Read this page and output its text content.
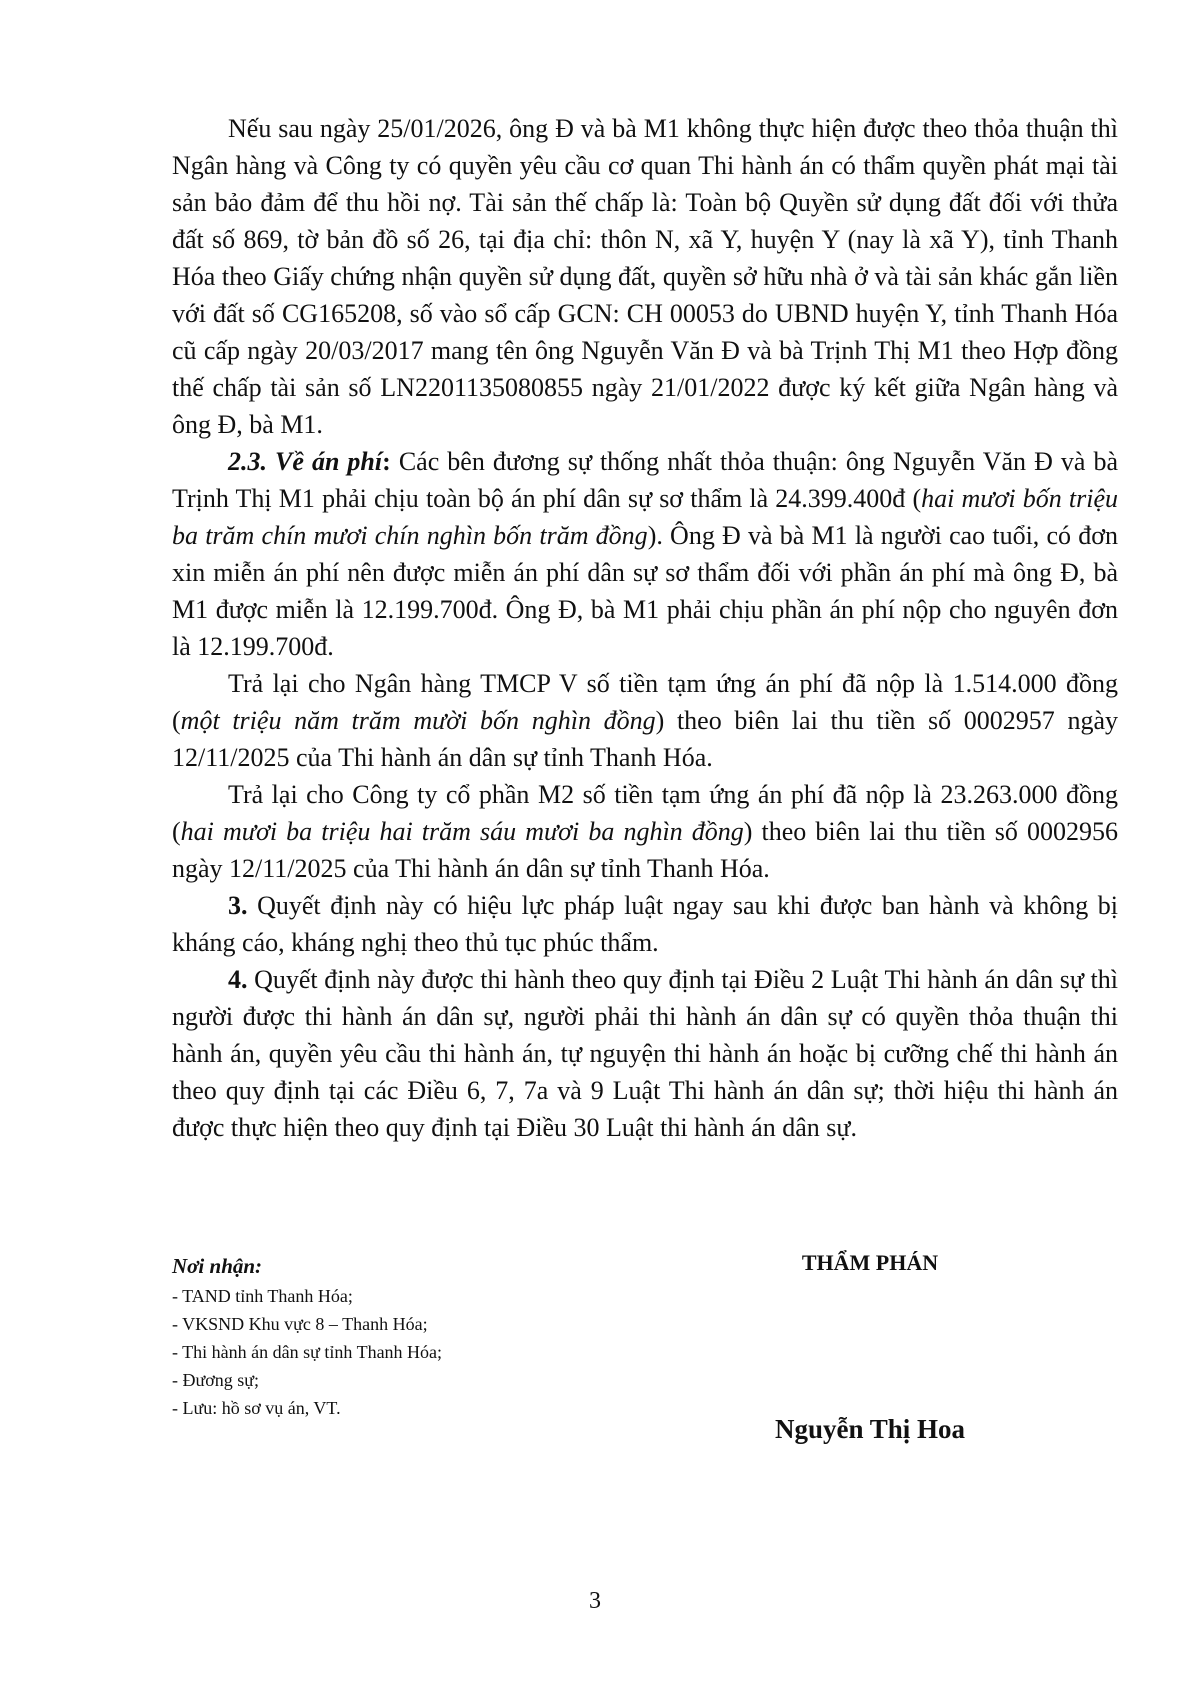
Nếu sau ngày 25/01/2026, ông Đ và bà M1 không thực hiện được theo thỏa thuận thì Ngân hàng và Công ty có quyền yêu cầu cơ quan Thi hành án có thẩm quyền phát mại tài sản bảo đảm để thu hồi nợ. Tài sản thế chấp là: Toàn bộ Quyền sử dụng đất đối với thửa đất số 869, tờ bản đồ số 26, tại địa chỉ: thôn N, xã Y, huyện Y (nay là xã Y), tỉnh Thanh Hóa theo Giấy chứng nhận quyền sử dụng đất, quyền sở hữu nhà ở và tài sản khác gắn liền với đất số CG165208, số vào sổ cấp GCN: CH 00053 do UBND huyện Y, tỉnh Thanh Hóa cũ cấp ngày 20/03/2017 mang tên ông Nguyễn Văn Đ và bà Trịnh Thị M1 theo Hợp đồng thế chấp tài sản số LN2201135080855 ngày 21/01/2022 được ký kết giữa Ngân hàng và ông Đ, bà M1.

2.3. Về án phí: Các bên đương sự thống nhất thỏa thuận: ông Nguyễn Văn Đ và bà Trịnh Thị M1 phải chịu toàn bộ án phí dân sự sơ thẩm là 24.399.400đ (hai mươi bốn triệu ba trăm chín mươi chín nghìn bốn trăm đồng). Ông Đ và bà M1 là người cao tuổi, có đơn xin miễn án phí nên được miễn án phí dân sự sơ thẩm đối với phần án phí mà ông Đ, bà M1 được miễn là 12.199.700đ. Ông Đ, bà M1 phải chịu phần án phí nộp cho nguyên đơn là 12.199.700đ.

Trả lại cho Ngân hàng TMCP V số tiền tạm ứng án phí đã nộp là 1.514.000 đồng (một triệu năm trăm mười bốn nghìn đồng) theo biên lai thu tiền số 0002957 ngày 12/11/2025 của Thi hành án dân sự tỉnh Thanh Hóa.

Trả lại cho Công ty cổ phần M2 số tiền tạm ứng án phí đã nộp là 23.263.000 đồng (hai mươi ba triệu hai trăm sáu mươi ba nghìn đồng) theo biên lai thu tiền số 0002956 ngày 12/11/2025 của Thi hành án dân sự tỉnh Thanh Hóa.

3. Quyết định này có hiệu lực pháp luật ngay sau khi được ban hành và không bị kháng cáo, kháng nghị theo thủ tục phúc thẩm.

4. Quyết định này được thi hành theo quy định tại Điều 2 Luật Thi hành án dân sự thì người được thi hành án dân sự, người phải thi hành án dân sự có quyền thỏa thuận thi hành án, quyền yêu cầu thi hành án, tự nguyện thi hành án hoặc bị cưỡng chế thi hành án theo quy định tại các Điều 6, 7, 7a và 9 Luật Thi hành án dân sự; thời hiệu thi hành án được thực hiện theo quy định tại Điều 30 Luật thi hành án dân sự.

Nơi nhận:
- TAND tỉnh Thanh Hóa;
- VKSND Khu vực 8 – Thanh Hóa;
- Thi hành án dân sự tỉnh Thanh Hóa;
- Đương sự;
- Lưu: hồ sơ vụ án, VT.
THẨM PHÁN
Nguyễn Thị Hoa
3
